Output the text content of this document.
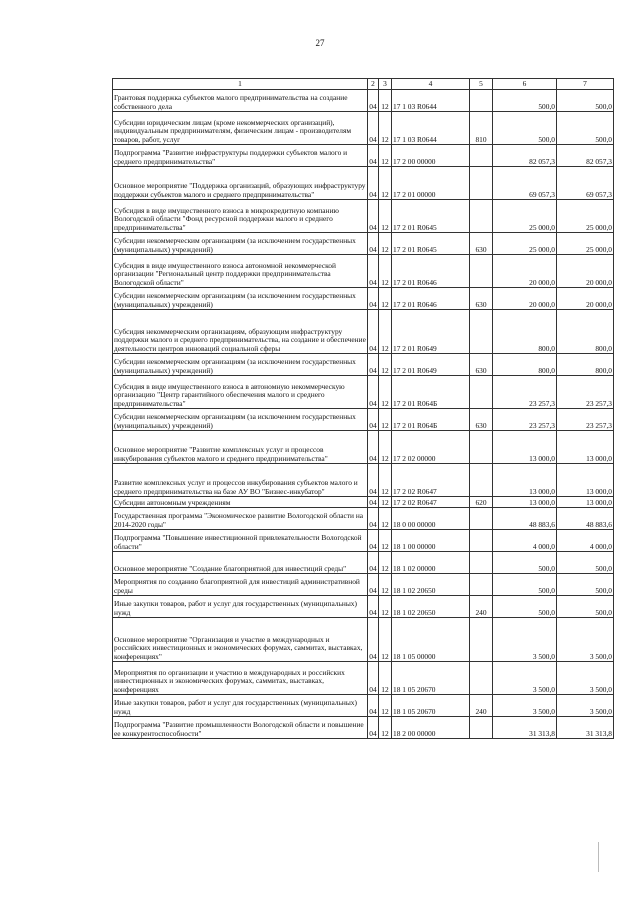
27
1	2	3	4	5	6	7
Грантовая поддержка субъектов малого предпринимательства на создание собственного дела	04	12	17 1 03 R0644		500,0	500,0
Субсидии юридическим лицам (кроме некоммерческих организаций), индивидуальным предпринимателям, физическим лицам - производителям товаров, работ, услуг	04	12	17 1 03 R0644	810	500,0	500,0
Подпрограмма "Развитие инфраструктуры поддержки субъектов малого и среднего предпринимательства"	04	12	17 2 00 00000		82 057,3	82 057,3
Основное мероприятие "Поддержка организаций, образующих инфраструктуру поддержки субъектов малого и среднего предпринимательства"	04	12	17 2 01 00000		69 057,3	69 057,3
Субсидия в виде имущественного взноса в микрокредитную компанию Вологодской области "Фонд ресурсной поддержки малого и среднего предпринимательства"	04	12	17 2 01 R0645		25 000,0	25 000,0
Субсидии некоммерческим организациям (за исключением государственных (муниципальных) учреждений)	04	12	17 2 01 R0645	630	25 000,0	25 000,0
Субсидия в виде имущественного взноса автономной некоммерческой организации "Региональный центр поддержки предпринимательства Вологодской области"	04	12	17 2 01 R0646		20 000,0	20 000,0
Субсидии некоммерческим организациям (за исключением государственных (муниципальных) учреждений)	04	12	17 2 01 R0646	630	20 000,0	20 000,0
Субсидия некоммерческим организациям, образующим инфраструктуру поддержки малого и среднего предпринимательства, на создание и обеспечение деятельности центров инноваций социальной сферы	04	12	17 2 01 R0649		800,0	800,0
Субсидии некоммерческим организациям (за исключением государственных (муниципальных) учреждений)	04	12	17 2 01 R0649	630	800,0	800,0
Субсидия в виде имущественного взноса в автономную некоммерческую организацию "Центр гарантийного обеспечения малого и среднего предпринимательства"	04	12	17 2 01 R064Б		23 257,3	23 257,3
Субсидии некоммерческим организациям (за исключением государственных (муниципальных) учреждений)	04	12	17 2 01 R064Б	630	23 257,3	23 257,3
Основное мероприятие "Развитие комплексных услуг и процессов инкубирования субъектов малого и среднего предпринимательства"	04	12	17 2 02 00000		13 000,0	13 000,0
Развитие комплексных услуг и процессов инкубирования субъектов малого и среднего предпринимательства на базе АУ ВО "Бизнес-инкубатор"	04	12	17 2 02 R0647		13 000,0	13 000,0
Субсидии автономным учреждениям	04	12	17 2 02 R0647	620	13 000,0	13 000,0
Государственная программа "Экономическое развитие Вологодской области на 2014-2020 годы"	04	12	18 0 00 00000		48 883,6	48 883,6
Подпрограмма "Повышение инвестиционной привлекательности Вологодской области"	04	12	18 1 00 00000		4 000,0	4 000,0
Основное мероприятие "Создание благоприятной для инвестиций среды"	04	12	18 1 02 00000		500,0	500,0
Мероприятия по созданию благоприятной для инвестиций административной среды	04	12	18 1 02 20650		500,0	500,0
Иные закупки товаров, работ и услуг для государственных (муниципальных) нужд	04	12	18 1 02 20650	240	500,0	500,0
Основное мероприятие "Организация и участие в международных и российских инвестиционных и экономических форумах, саммитах, выставках, конференциях"	04	12	18 1 05 00000		3 500,0	3 500,0
Мероприятия по организации и участию в международных и российских инвестиционных и экономических форумах, саммитах, выставках, конференциях	04	12	18 1 05 20670		3 500,0	3 500,0
Иные закупки товаров, работ и услуг для государственных (муниципальных) нужд	04	12	18 1 05 20670	240	3 500,0	3 500,0
Подпрограмма "Развитие промышленности Вологодской области и повышение ее конкурентоспособности"	04	12	18 2 00 00000		31 313,8	31 313,8
